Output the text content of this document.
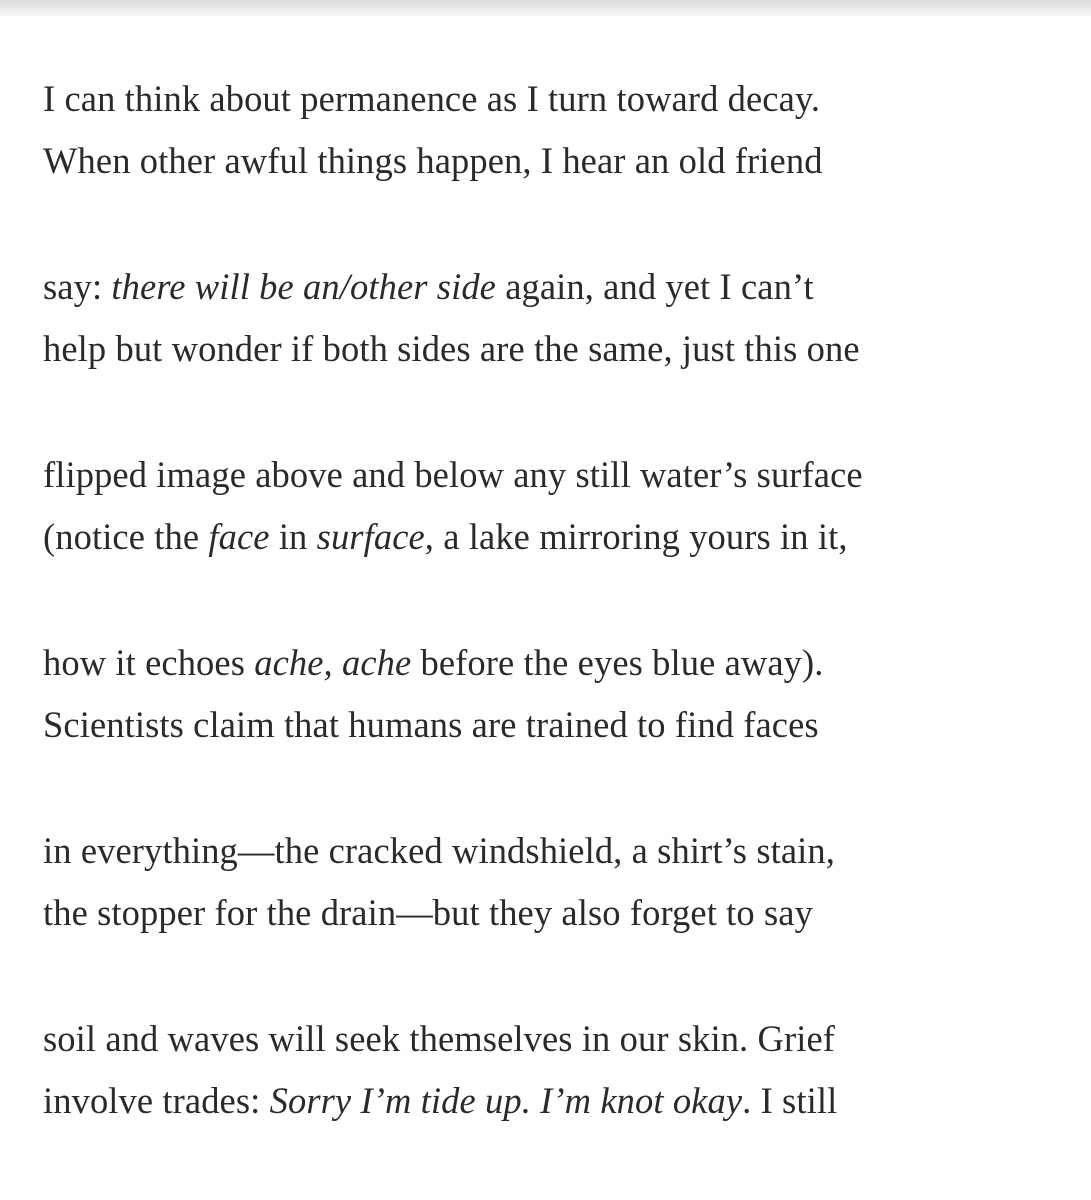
I can think about permanence as I turn toward decay.
When other awful things happen, I hear an old friend
say: there will be an/other side again, and yet I can’t
help but wonder if both sides are the same, just this one
flipped image above and below any still water’s surface
(notice the face in surface, a lake mirroring yours in it,
how it echoes ache, ache before the eyes blue away).
Scientists claim that humans are trained to find faces
in everything—the cracked windshield, a shirt’s stain,
the stopper for the drain—but they also forget to say
soil and waves will seek themselves in our skin. Grief
involve trades: Sorry I’m tide up. I’m knot okay. I still
